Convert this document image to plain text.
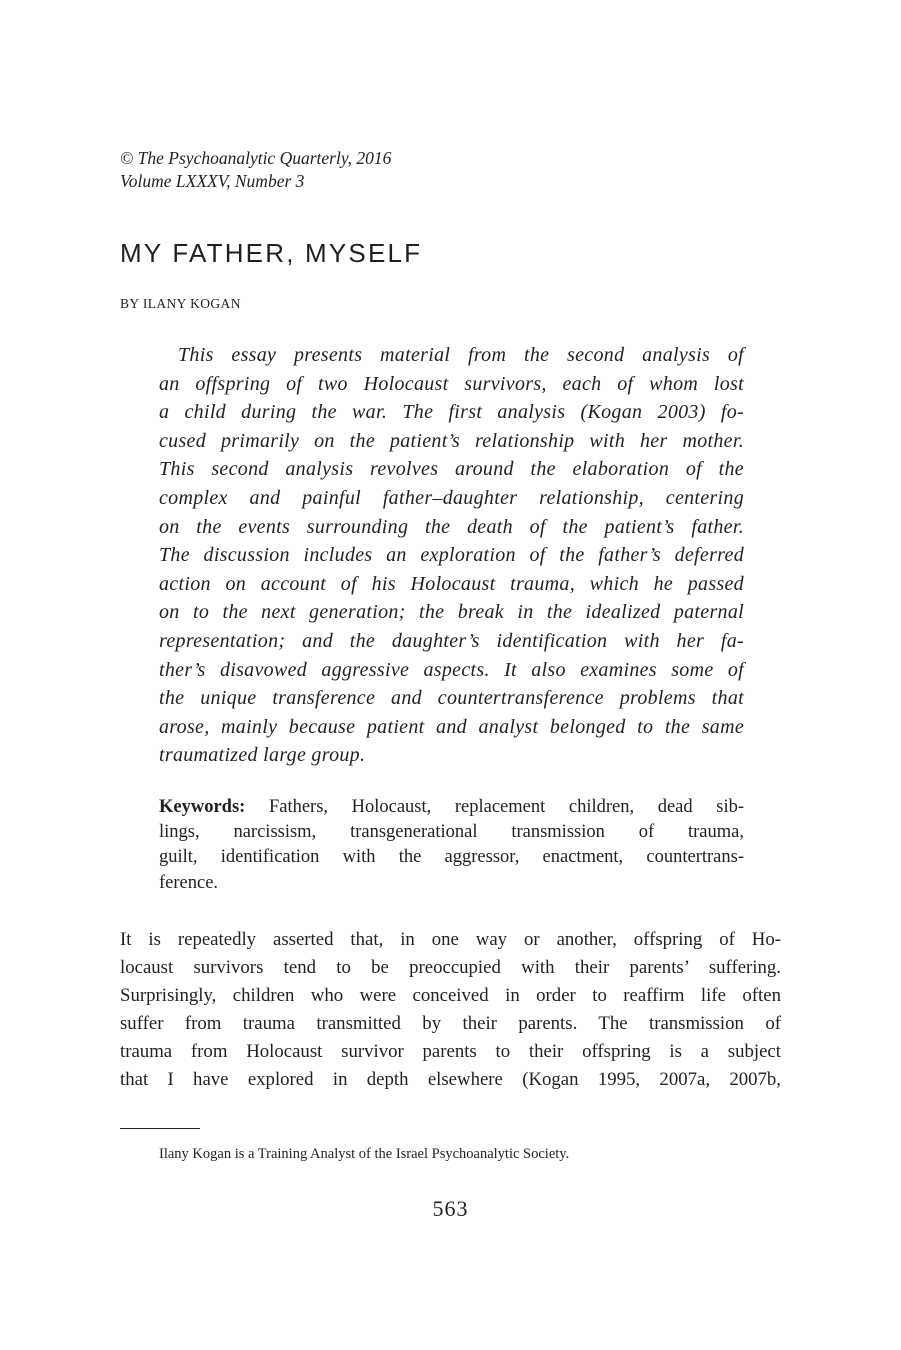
© The Psychoanalytic Quarterly, 2016
Volume LXXXV, Number 3
MY FATHER, MYSELF
BY ILANY KOGAN
This essay presents material from the second analysis of
an offspring of two Holocaust survivors, each of whom lost
a child during the war. The first analysis (Kogan 2003) fo-
cused primarily on the patient’s relationship with her mother.
This second analysis revolves around the elaboration of the
complex and painful father–daughter relationship, centering
on the events surrounding the death of the patient’s father.
The discussion includes an exploration of the father’s deferred
action on account of his Holocaust trauma, which he passed
on to the next generation; the break in the idealized paternal
representation; and the daughter’s identification with her fa-
ther’s disavowed aggressive aspects. It also examines some of
the unique transference and countertransference problems that
arose, mainly because patient and analyst belonged to the same
traumatized large group.
Keywords: Fathers, Holocaust, replacement children, dead sib-
lings, narcissism, transgenerational transmission of trauma,
guilt, identification with the aggressor, enactment, countertrans-
ference.
It is repeatedly asserted that, in one way or another, offspring of Ho-
locaust survivors tend to be preoccupied with their parents’ suffering.
Surprisingly, children who were conceived in order to reaffirm life often
suffer from trauma transmitted by their parents. The transmission of
trauma from Holocaust survivor parents to their offspring is a subject
that I have explored in depth elsewhere (Kogan 1995, 2007a, 2007b,
Ilany Kogan is a Training Analyst of the Israel Psychoanalytic Society.
563
